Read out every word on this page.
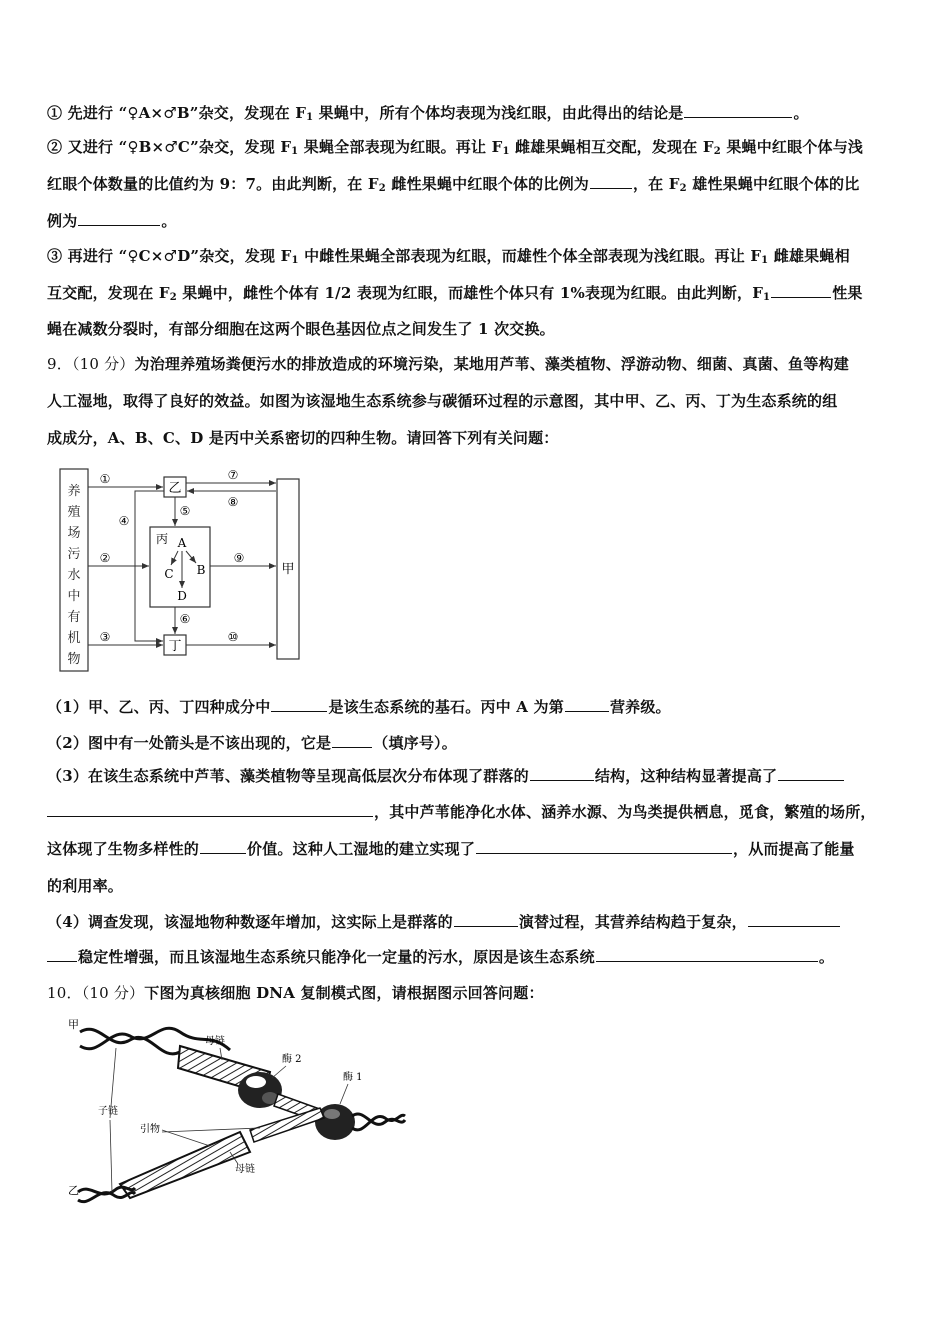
① 先进行 “♀A×♂B”杂交，发现在 $F_1$ 果蝇中，所有个体均表现为浅红眼，由此得出的结论是	。
② 又进行 “♀B×♂C”杂交，发现 $F_1$ 果蝇全部表现为红眼。再让 $F_1$ 雌雄果蝇相互交配，发现在 $F_2$ 果蝇中红眼个体与浅
红眼个体数量的比值约为 9：7。由此判断，在 $F_2$ 雌性果蝇中红眼个体的比例为	，在 $F_2$ 雄性果蝇中红眼个体的比
例为	。
③ 再进行 “♀C×♂D”杂交，发现 $F_1$ 中雌性果蝇全部表现为红眼，而雄性个体全部表现为浅红眼。再让 $F_1$ 雌雄果蝇相
互交配，发现在 $F_2$ 果蝇中，雌性个体有 1/2 表现为红眼，而雄性个体只有 1%表现为红眼。由此判断，$F_1$	性果
蝇在减数分裂时，有部分细胞在这两个眼色基因位点之间发生了 1 次交换。
9．（10 分）为治理养殖场粪便污水的排放造成的环境污染，某地用芦苇、藻类植物、浮游动物、细菌、真菌、鱼等构建
人工湿地，取得了良好的效益。如图为该湿地生态系统参与碳循环过程的示意图，其中甲、乙、丙、丁为生态系统的组
成成分，A、B、C、D 是丙中关系密切的四种生物。请回答下列有关问题：
养
殖
场
污
水
中
有
机
物
乙
丙 A
C B
D
丁
甲
①
②
③
④
⑤
⑥
⑦
⑧
⑨
⑩
（1）甲、乙、丙、丁四种成分中	是该生态系统的基石。丙中 A 为第	营养级。
（2）图中有一处箭头是不该出现的，它是	（填序号）。
（3）在该生态系统中芦苇、藻类植物等呈现高低层次分布体现了群落的	结构，这种结构显著提高了
，其中芦苇能净化水体、涵养水源、为鸟类提供栖息，觅食，繁殖的场所，
这体现了生物多样性的	价值。这种人工湿地的建立实现了	，从而提高了能量
的利用率。
（4）调查发现，该湿地物种数逐年增加，这实际上是群落的	演替过程，其营养结构趋于复杂，
稳定性增强，而且该湿地生态系统只能净化一定量的污水，原因是该生态系统	。
10．（10 分）下图为真核细胞 DNA 复制模式图，请根据图示回答问题：
甲
乙
母链
酶 2
酶 1
子链
引物
母链
